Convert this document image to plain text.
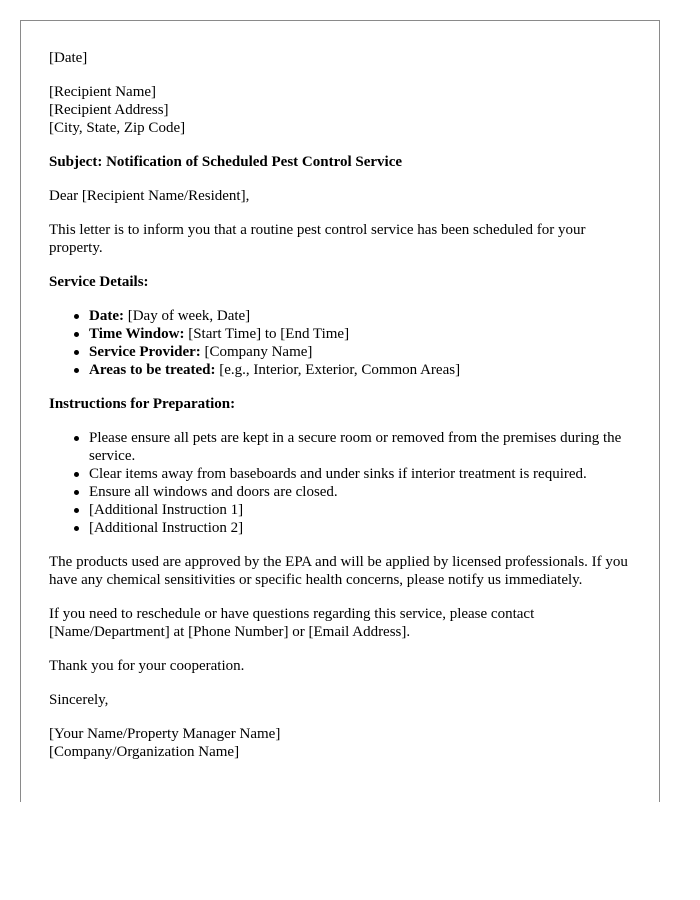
[Date]

[Recipient Name]
[Recipient Address]
[City, State, Zip Code]

Subject: Notification of Scheduled Pest Control Service

Dear [Recipient Name/Resident],

This letter is to inform you that a routine pest control service has been scheduled for your property.

Service Details:

Date: [Day of week, Date]
Time Window: [Start Time] to [End Time]
Service Provider: [Company Name]
Areas to be treated: [e.g., Interior, Exterior, Common Areas]

Instructions for Preparation:

Please ensure all pets are kept in a secure room or removed from the premises during the service.
Clear items away from baseboards and under sinks if interior treatment is required.
Ensure all windows and doors are closed.
[Additional Instruction 1]
[Additional Instruction 2]

The products used are approved by the EPA and will be applied by licensed professionals. If you have any chemical sensitivities or specific health concerns, please notify us immediately.

If you need to reschedule or have questions regarding this service, please contact [Name/Department] at [Phone Number] or [Email Address].

Thank you for your cooperation.

Sincerely,

[Your Name/Property Manager Name]
[Company/Organization Name]
